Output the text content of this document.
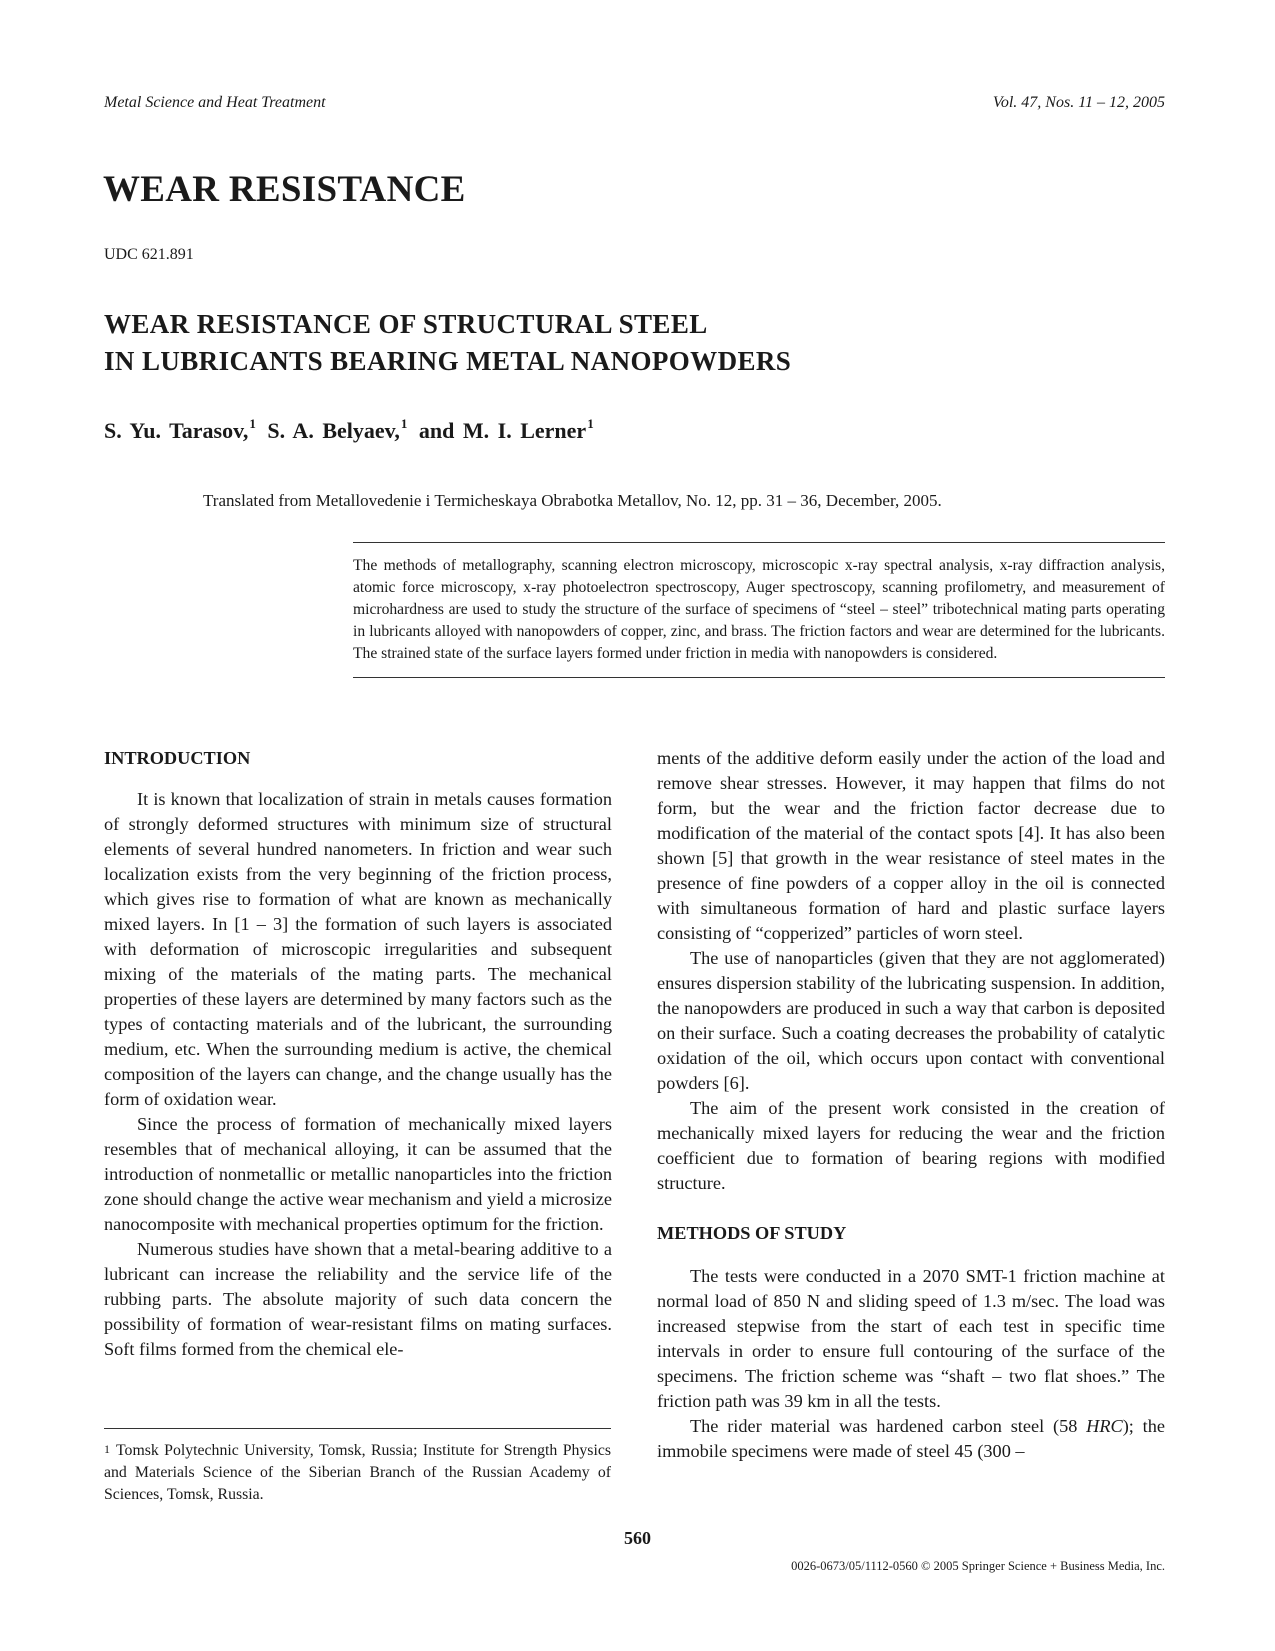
Metal Science and Heat Treatment	Vol. 47, Nos. 11 – 12, 2005
WEAR RESISTANCE
UDC 621.891
WEAR RESISTANCE OF STRUCTURAL STEEL
IN LUBRICANTS BEARING METAL NANOPOWDERS
S. Yu. Tarasov,$^1$ S. A. Belyaev,$^1$ and M. I. Lerner$^1$
Translated from Metallovedenie i Termicheskaya Obrabotka Metallov, No. 12, pp. 31 – 36, December, 2005.
The methods of metallography, scanning electron microscopy, microscopic x-ray spectral analysis, x-ray diffraction analysis, atomic force microscopy, x-ray photoelectron spectroscopy, Auger spectroscopy, scanning profilometry, and measurement of microhardness are used to study the structure of the surface of specimens of “steel – steel” tribotechnical mating parts operating in lubricants alloyed with nanopowders of copper, zinc, and brass. The friction factors and wear are determined for the lubricants. The strained state of the surface layers formed under friction in media with nanopowders is considered.
INTRODUCTION

It is known that localization of strain in metals causes formation of strongly deformed structures with minimum size of structural elements of several hundred nanometers. In friction and wear such localization exists from the very beginning of the friction process, which gives rise to formation of what are known as mechanically mixed layers. In [1 – 3] the formation of such layers is associated with deformation of microscopic irregularities and subsequent mixing of the materials of the mating parts. The mechanical properties of these layers are determined by many factors such as the types of contacting materials and of the lubricant, the surrounding medium, etc. When the surrounding medium is active, the chemical composition of the layers can change, and the change usually has the form of oxidation wear.

Since the process of formation of mechanically mixed layers resembles that of mechanical alloying, it can be assumed that the introduction of nonmetallic or metallic nanoparticles into the friction zone should change the active wear mechanism and yield a microsize nanocomposite with mechanical properties optimum for the friction.

Numerous studies have shown that a metal-bearing additive to a lubricant can increase the reliability and the service life of the rubbing parts. The absolute majority of such data concern the possibility of formation of wear-resistant films on mating surfaces. Soft films formed from the chemical ele-

ments of the additive deform easily under the action of the load and remove shear stresses. However, it may happen that films do not form, but the wear and the friction factor decrease due to modification of the material of the contact spots [4]. It has also been shown [5] that growth in the wear resistance of steel mates in the presence of fine powders of a copper alloy in the oil is connected with simultaneous formation of hard and plastic surface layers consisting of “copperized” particles of worn steel.

The use of nanoparticles (given that they are not agglomerated) ensures dispersion stability of the lubricating suspension. In addition, the nanopowders are produced in such a way that carbon is deposited on their surface. Such a coating decreases the probability of catalytic oxidation of the oil, which occurs upon contact with conventional powders [6].

The aim of the present work consisted in the creation of mechanically mixed layers for reducing the wear and the friction coefficient due to formation of bearing regions with modified structure.

METHODS OF STUDY

The tests were conducted in a 2070 SMT-1 friction machine at normal load of 850 N and sliding speed of 1.3 m/sec. The load was increased stepwise from the start of each test in specific time intervals in order to ensure full contouring of the surface of the specimens. The friction scheme was “shaft – two flat shoes.” The friction path was 39 km in all the tests.

The rider material was hardened carbon steel (58 HRC); the immobile specimens were made of steel 45 (300 –

$^1$ Tomsk Polytechnic University, Tomsk, Russia; Institute for Strength Physics and Materials Science of the Siberian Branch of the Russian Academy of Sciences, Tomsk, Russia.
560
0026-0673/05/1112-0560 © 2005 Springer Science + Business Media, Inc.
